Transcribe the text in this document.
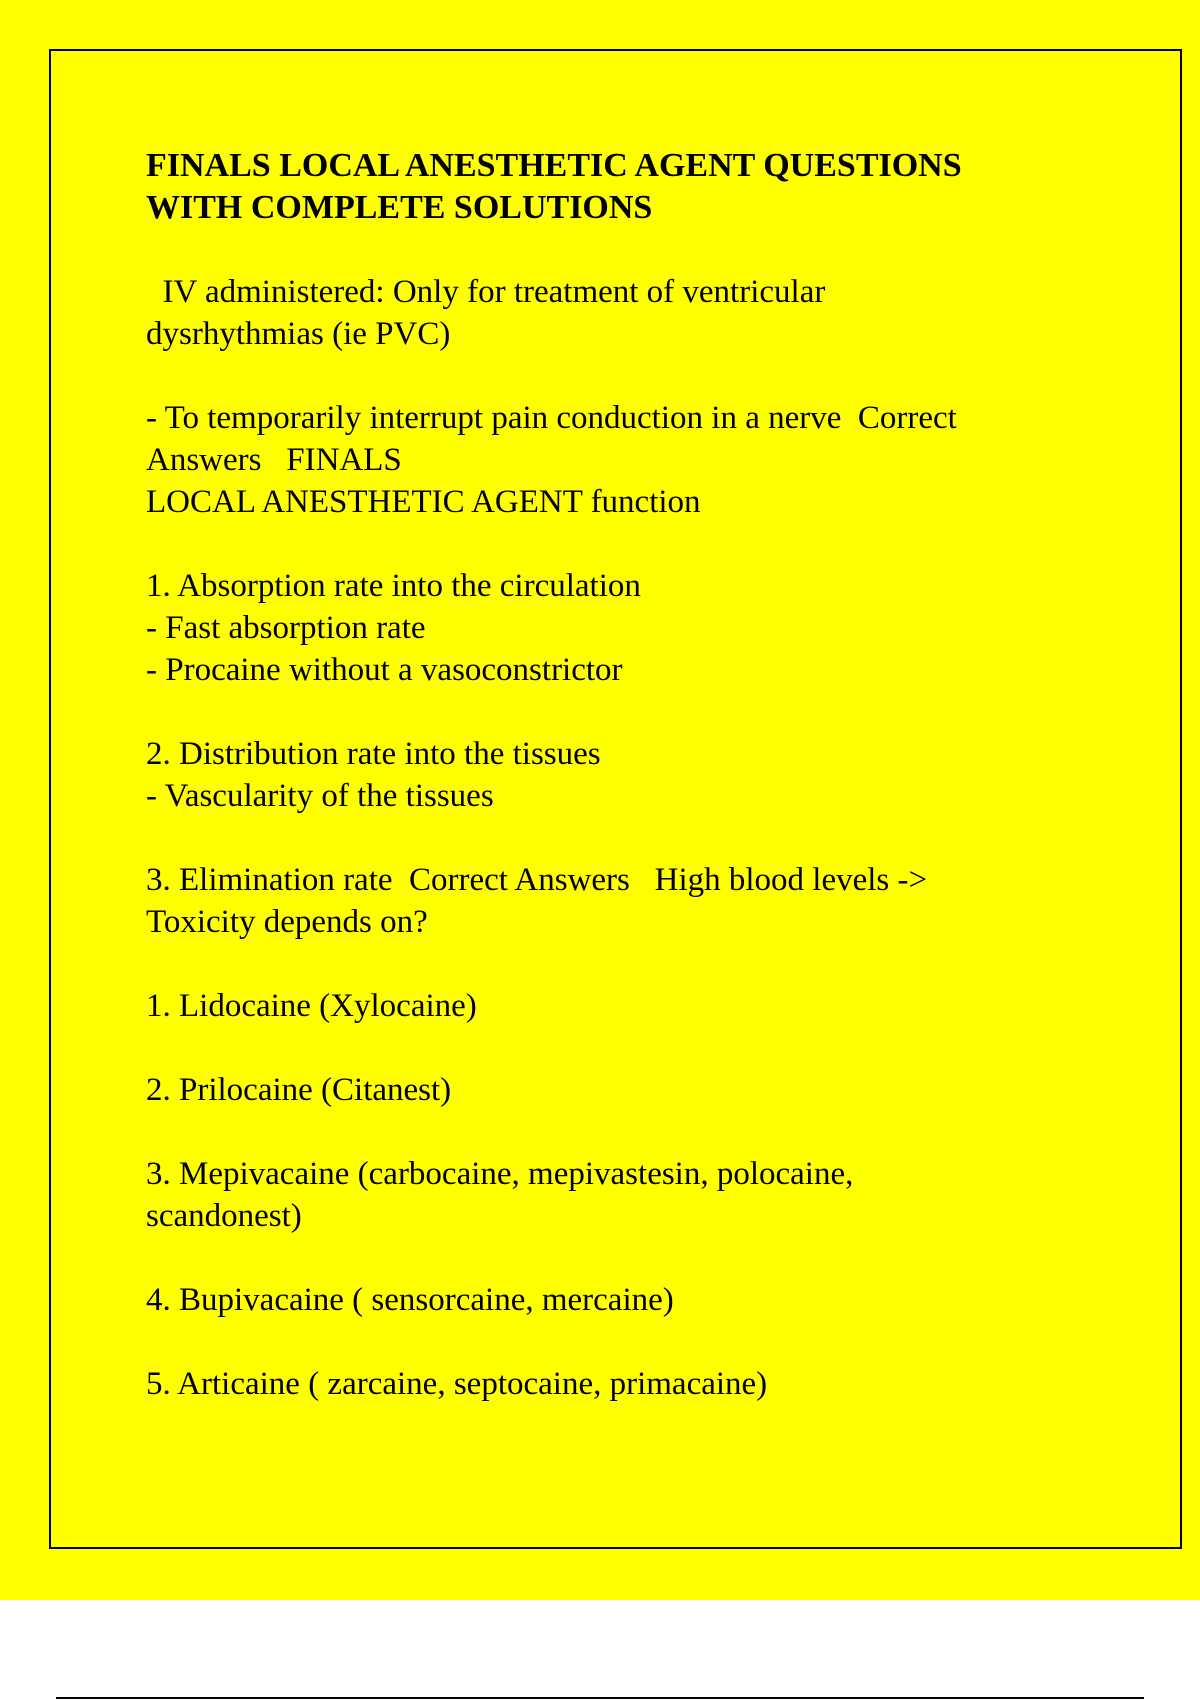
FINALS LOCAL ANESTHETIC AGENT QUESTIONS
WITH COMPLETE SOLUTIONS

IV administered: Only for treatment of ventricular
dysrhythmias (ie PVC)

- To temporarily interrupt pain conduction in a nerve  Correct
Answers   FINALS
LOCAL ANESTHETIC AGENT function

1. Absorption rate into the circulation
- Fast absorption rate
- Procaine without a vasoconstrictor

2. Distribution rate into the tissues
- Vascularity of the tissues

3. Elimination rate  Correct Answers   High blood levels ->
Toxicity depends on?

1. Lidocaine (Xylocaine)

2. Prilocaine (Citanest)

3. Mepivacaine (carbocaine, mepivastesin, polocaine,
scandonest)

4. Bupivacaine ( sensorcaine, mercaine)

5. Articaine ( zarcaine, septocaine, primacaine)
